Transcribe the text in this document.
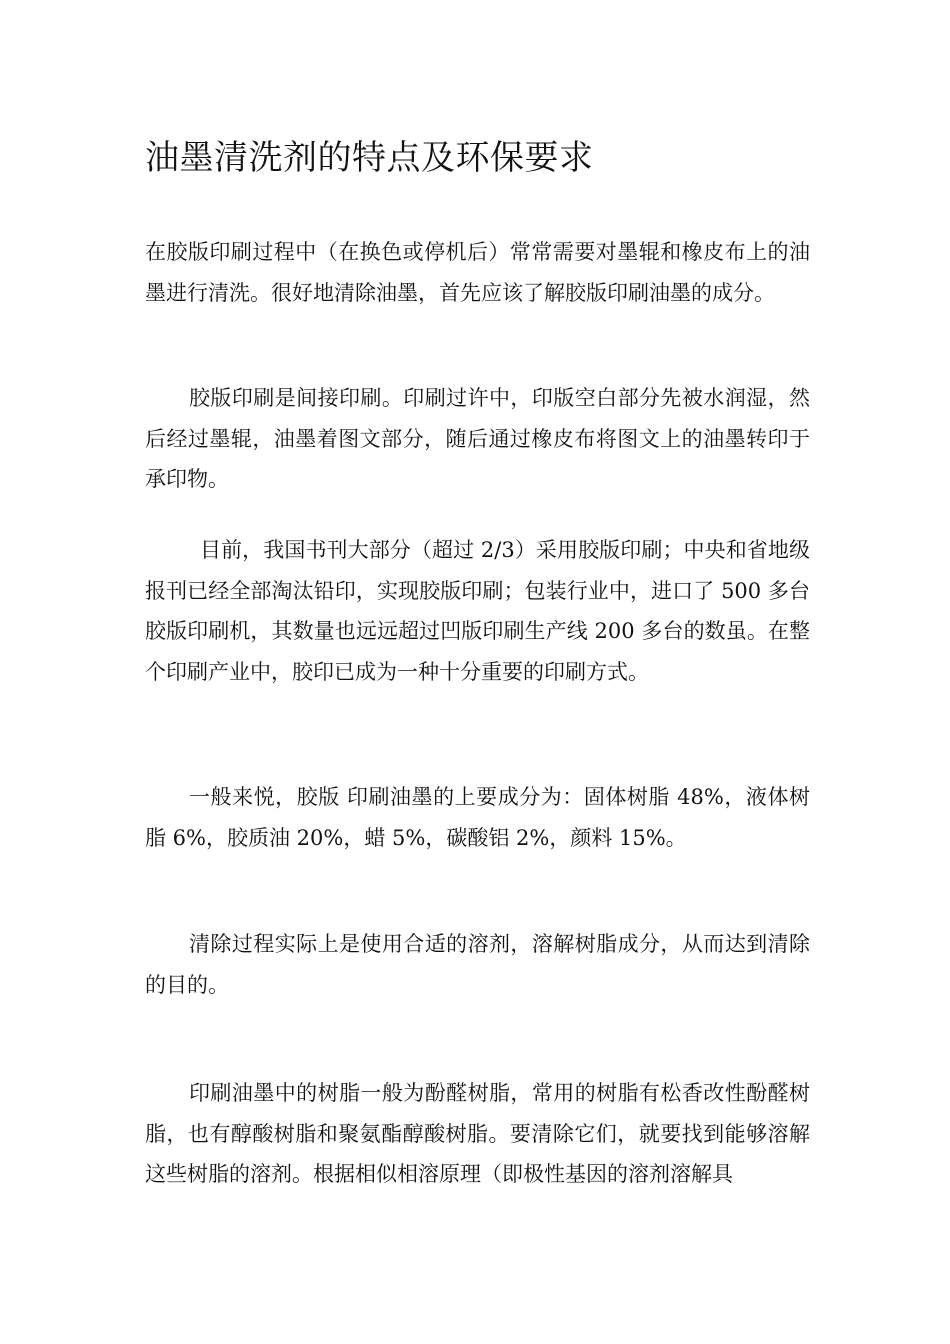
油墨清洗剂的特点及环保要求

在胶版印刷过程中（在换色或停机后）常常需要对墨辊和橡皮布上的油墨进行清洗。很好地清除油墨，首先应该了解胶版印刷油墨的成分。

胶版印刷是间接印刷。印刷过许中，印版空白部分先被水润湿，然后经过墨辊，油墨着图文部分，随后通过橡皮布将图文上的油墨转印于承印物。

目前，我国书刊大部分（超过 2/3）采用胶版印刷；中央和省地级报刊已经全部淘汰铅印，实现胶版印刷；包装行业中，进口了 500 多台胶版印刷机，其数量也远远超过凹版印刷生产线 200 多台的数虽。在整个印刷产业中，胶印已成为一种十分重要的印刷方式。

一般来悦，胶版 印刷油墨的上要成分为：固体树脂 48%，液体树脂 6%，胶质油 20%，蜡 5%，碳酸铝 2%，颜料 15%。

清除过程实际上是使用合适的溶剂，溶解树脂成分，从而达到清除的目的。

印刷油墨中的树脂一般为酚醛树脂，常用的树脂有松香改性酚醛树脂，也有醇酸树脂和聚氨酯醇酸树脂。要清除它们，就要找到能够溶解这些树脂的溶剂。根据相似相溶原理（即极性基因的溶剂溶解具
